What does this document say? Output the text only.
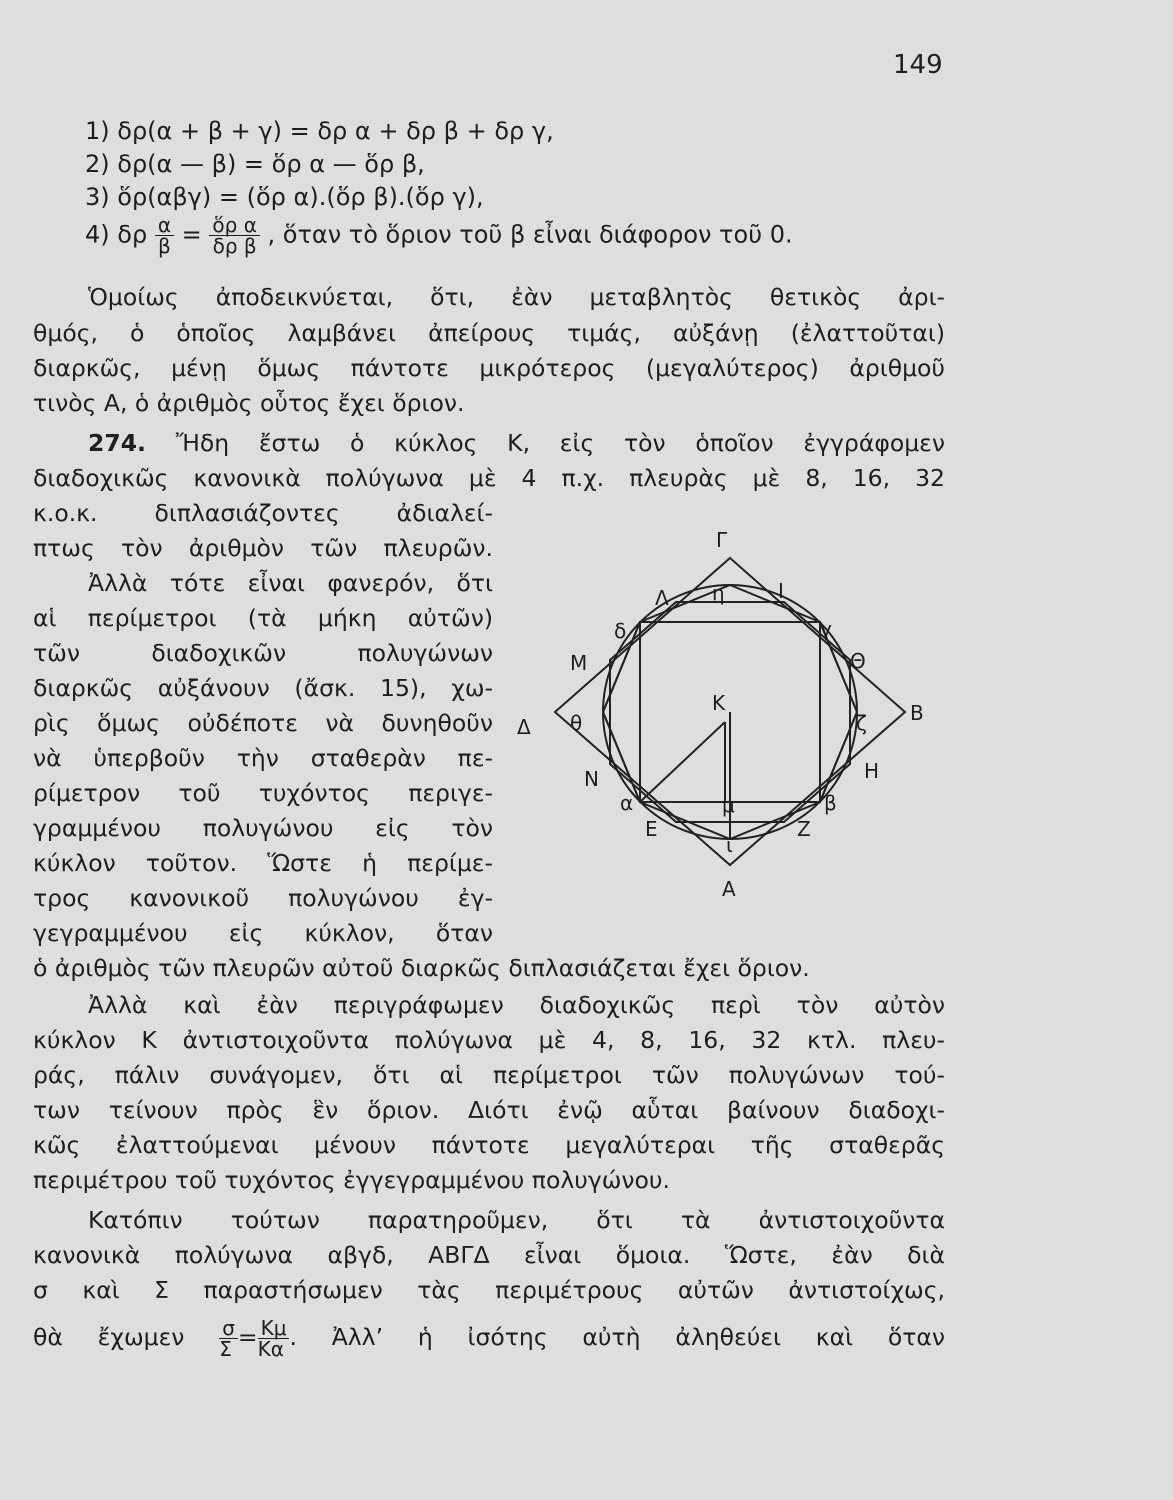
149
1) δρ(α + β + γ) = δρ α + δρ β + δρ γ,
2) δρ(α — β) = ὅρ α — ὅρ β,
3) ὅρ(αβγ) = (ὅρ α).(ὅρ β).(ὅρ γ),
4) δρ $\frac{\alpha}{\beta} = \frac{\text{ὅρ α}}{\text{δρ β}}$ , ὅταν τὸ ὅριον τοῦ β εἶναι διάφορον τοῦ 0.
Ὁμοίως ἀποδεικνύεται, ὅτι, ἐὰν μεταβλητὸς θετικὸς ἀρι-
θμός, ὁ ὁποῖος λαμβάνει ἀπείρους τιμάς, αὐξάνῃ (ἐλαττοῦται)
διαρκῶς, μένῃ ὅμως πάντοτε μικρότερος (μεγαλύτερος) ἀριθμοῦ
τινὸς Α, ὁ ἀριθμὸς οὗτος ἔχει ὅριον.
274. Ἤδη ἔστω ὁ κύκλος Κ, εἰς τὸν ὁποῖον ἐγγράφομεν
διαδοχικῶς κανονικὰ πολύγωνα μὲ 4 π.χ. πλευρὰς μὲ 8, 16, 32
κ.ο.κ. διπλασιάζοντες ἀδιαλεί-
πτως τὸν ἀριθμὸν τῶν πλευρῶν.
Ἀλλὰ τότε εἶναι φανερόν, ὅτι
αἱ περίμετροι (τὰ μήκη αὐτῶν)
τῶν διαδοχικῶν πολυγώνων
διαρκῶς αὐξάνουν (ἄσκ. 15), χω-
ρὶς ὅμως οὐδέποτε νὰ δυνηθοῦν
νὰ ὑπερβοῦν τὴν σταθερὰν πε-
ρίμετρον τοῦ τυχόντος περιγε-
γραμμένου πολυγώνου εἰς τὸν
κύκλον τοῦτον. Ὥστε ἡ περίμε-
τρος κανονικοῦ πολυγώνου ἐγ-
γεγραμμένου εἰς κύκλον, ὅταν
ὁ ἀριθμὸς τῶν πλευρῶν αὐτοῦ διαρκῶς διπλασιάζεται ἔχει ὅριον.
Ἀλλὰ καὶ ἐὰν περιγράφωμεν διαδοχικῶς περὶ τὸν αὐτὸν
κύκλον Κ ἀντιστοιχοῦντα πολύγωνα μὲ 4, 8, 16, 32 κτλ. πλευ-
ράς, πάλιν συνάγομεν, ὅτι αἱ περίμετροι τῶν πολυγώνων τού-
των τείνουν πρὸς ἓν ὅριον. Διότι ἐνῷ αὗται βαίνουν διαδοχι-
κῶς ἐλαττούμεναι μένουν πάντοτε μεγαλύτεραι τῆς σταθερᾶς
περιμέτρου τοῦ τυχόντος ἐγγεγραμμένου πολυγώνου.
Κατόπιν τούτων παρατηροῦμεν, ὅτι τὰ ἀντιστοιχοῦντα
κανονικὰ πολύγωνα αβγδ, ΑΒΓΔ εἶναι ὅμοια. Ὥστε, ἐὰν διὰ
σ καὶ Σ παραστήσωμεν τὰς περιμέτρους αὐτῶν ἀντιστοίχως,
θὰ ἔχωμεν $\frac{\sigma}{\Sigma} = \frac{K\mu}{K\alpha}$ . Ἀλλ’ ἡ ἰσότης αὐτὴ ἀληθεύει καὶ ὅταν
Γ
Λ η	Ι
δ	γ
Μ	Θ
Κ
Δ θ	ζ Β
Ν	Η
α	μ	β
Ε	Ζ
ι
Α
